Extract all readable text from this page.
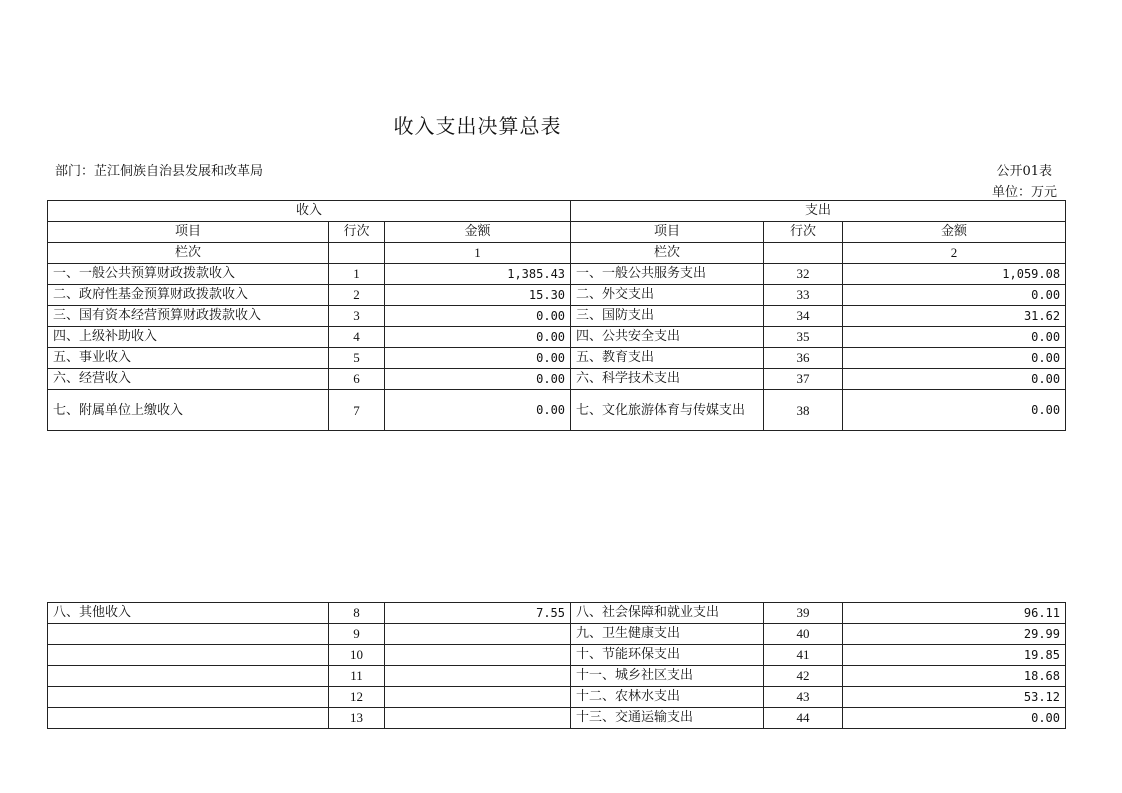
收入支出决算总表
部门：芷江侗族自治县发展和改革局	公开01表
单位：万元
收入			支出		
项目	行次	金额	项目	行次	金额
栏次		1	栏次		2
一、一般公共预算财政拨款收入	1	1,385.43	一、一般公共服务支出	32	1,059.08
二、政府性基金预算财政拨款收入	2	15.30	二、外交支出	33	0.00
三、国有资本经营预算财政拨款收入	3	0.00	三、国防支出	34	31.62
四、上级补助收入	4	0.00	四、公共安全支出	35	0.00
五、事业收入	5	0.00	五、教育支出	36	0.00
六、经营收入	6	0.00	六、科学技术支出	37	0.00
七、附属单位上缴收入	7	0.00	七、文化旅游体育与传媒支出	38	0.00
八、其他收入	8	7.55	八、社会保障和就业支出	39	96.11
	9		九、卫生健康支出	40	29.99
	10		十、节能环保支出	41	19.85
	11		十一、城乡社区支出	42	18.68
	12		十二、农林水支出	43	53.12
	13		十三、交通运输支出	44	0.00
